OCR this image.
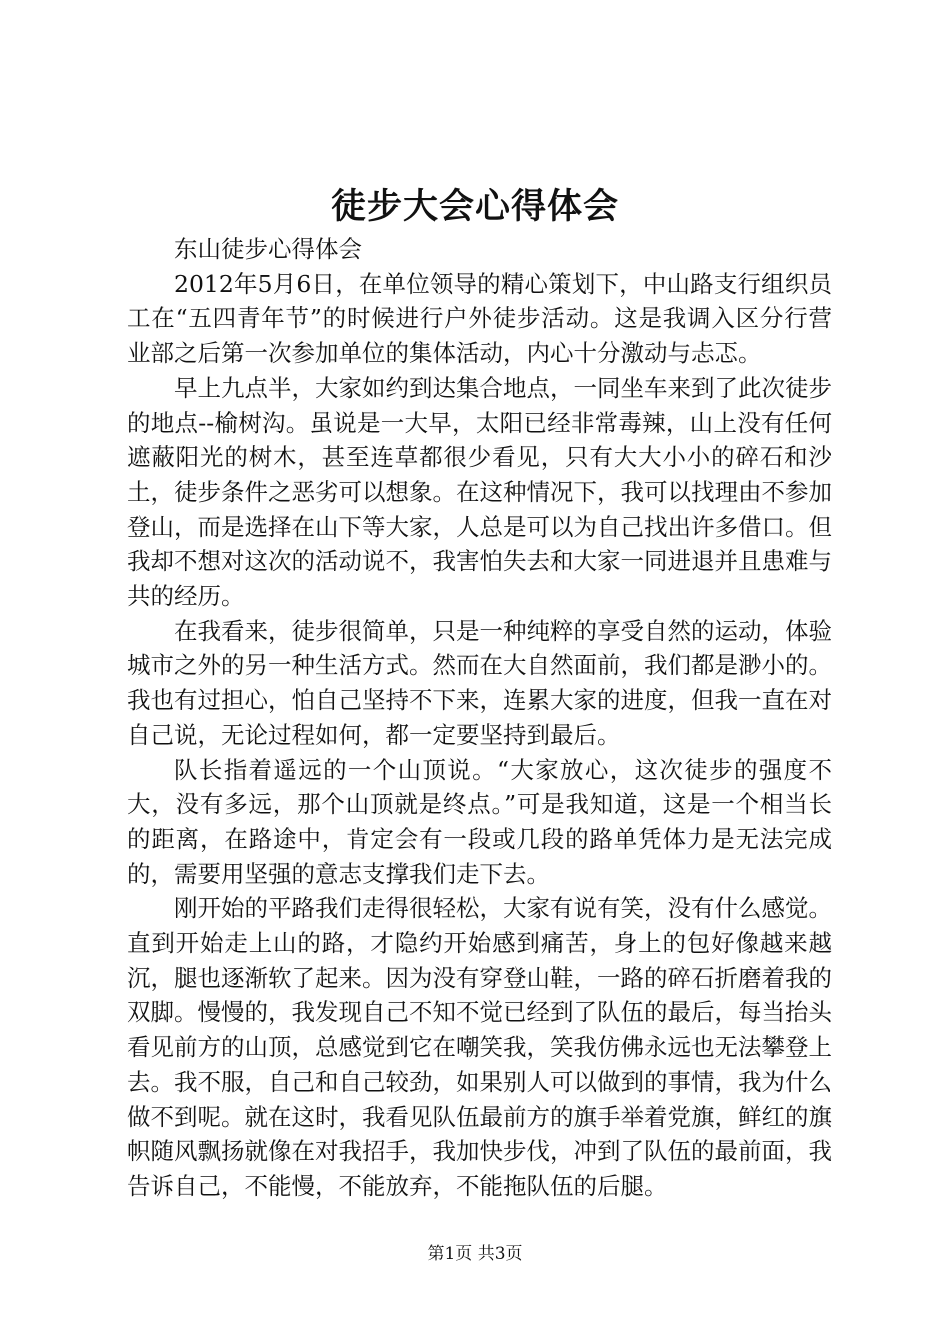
徒步大会心得体会

东山徒步心得体会

2012年5月6日，在单位领导的精心策划下，中山路支行组织员工在“五四青年节”的时候进行户外徒步活动。这是我调入区分行营业部之后第一次参加单位的集体活动，内心十分激动与忐忑。

早上九点半，大家如约到达集合地点，一同坐车来到了此次徒步的地点--榆树沟。虽说是一大早，太阳已经非常毒辣，山上没有任何遮蔽阳光的树木，甚至连草都很少看见，只有大大小小的碎石和沙土，徒步条件之恶劣可以想象。在这种情况下，我可以找理由不参加登山，而是选择在山下等大家，人总是可以为自己找出许多借口。但我却不想对这次的活动说不，我害怕失去和大家一同进退并且患难与共的经历。

在我看来，徒步很简单，只是一种纯粹的享受自然的运动，体验城市之外的另一种生活方式。然而在大自然面前，我们都是渺小的。我也有过担心，怕自己坚持不下来，连累大家的进度，但我一直在对自己说，无论过程如何，都一定要坚持到最后。

队长指着遥远的一个山顶说。“大家放心，这次徒步的强度不大，没有多远，那个山顶就是终点。”可是我知道，这是一个相当长的距离，在路途中，肯定会有一段或几段的路单凭体力是无法完成的，需要用坚强的意志支撑我们走下去。

刚开始的平路我们走得很轻松，大家有说有笑，没有什么感觉。直到开始走上山的路，才隐约开始感到痛苦，身上的包好像越来越沉，腿也逐渐软了起来。因为没有穿登山鞋，一路的碎石折磨着我的双脚。慢慢的，我发现自己不知不觉已经到了队伍的最后，每当抬头看见前方的山顶，总感觉到它在嘲笑我，笑我仿佛永远也无法攀登上去。我不服，自己和自己较劲，如果别人可以做到的事情，我为什么做不到呢。就在这时，我看见队伍最前方的旗手举着党旗，鲜红的旗帜随风飘扬就像在对我招手，我加快步伐，冲到了队伍的最前面，我告诉自己，不能慢，不能放弃，不能拖队伍的后腿。

第1页 共3页
